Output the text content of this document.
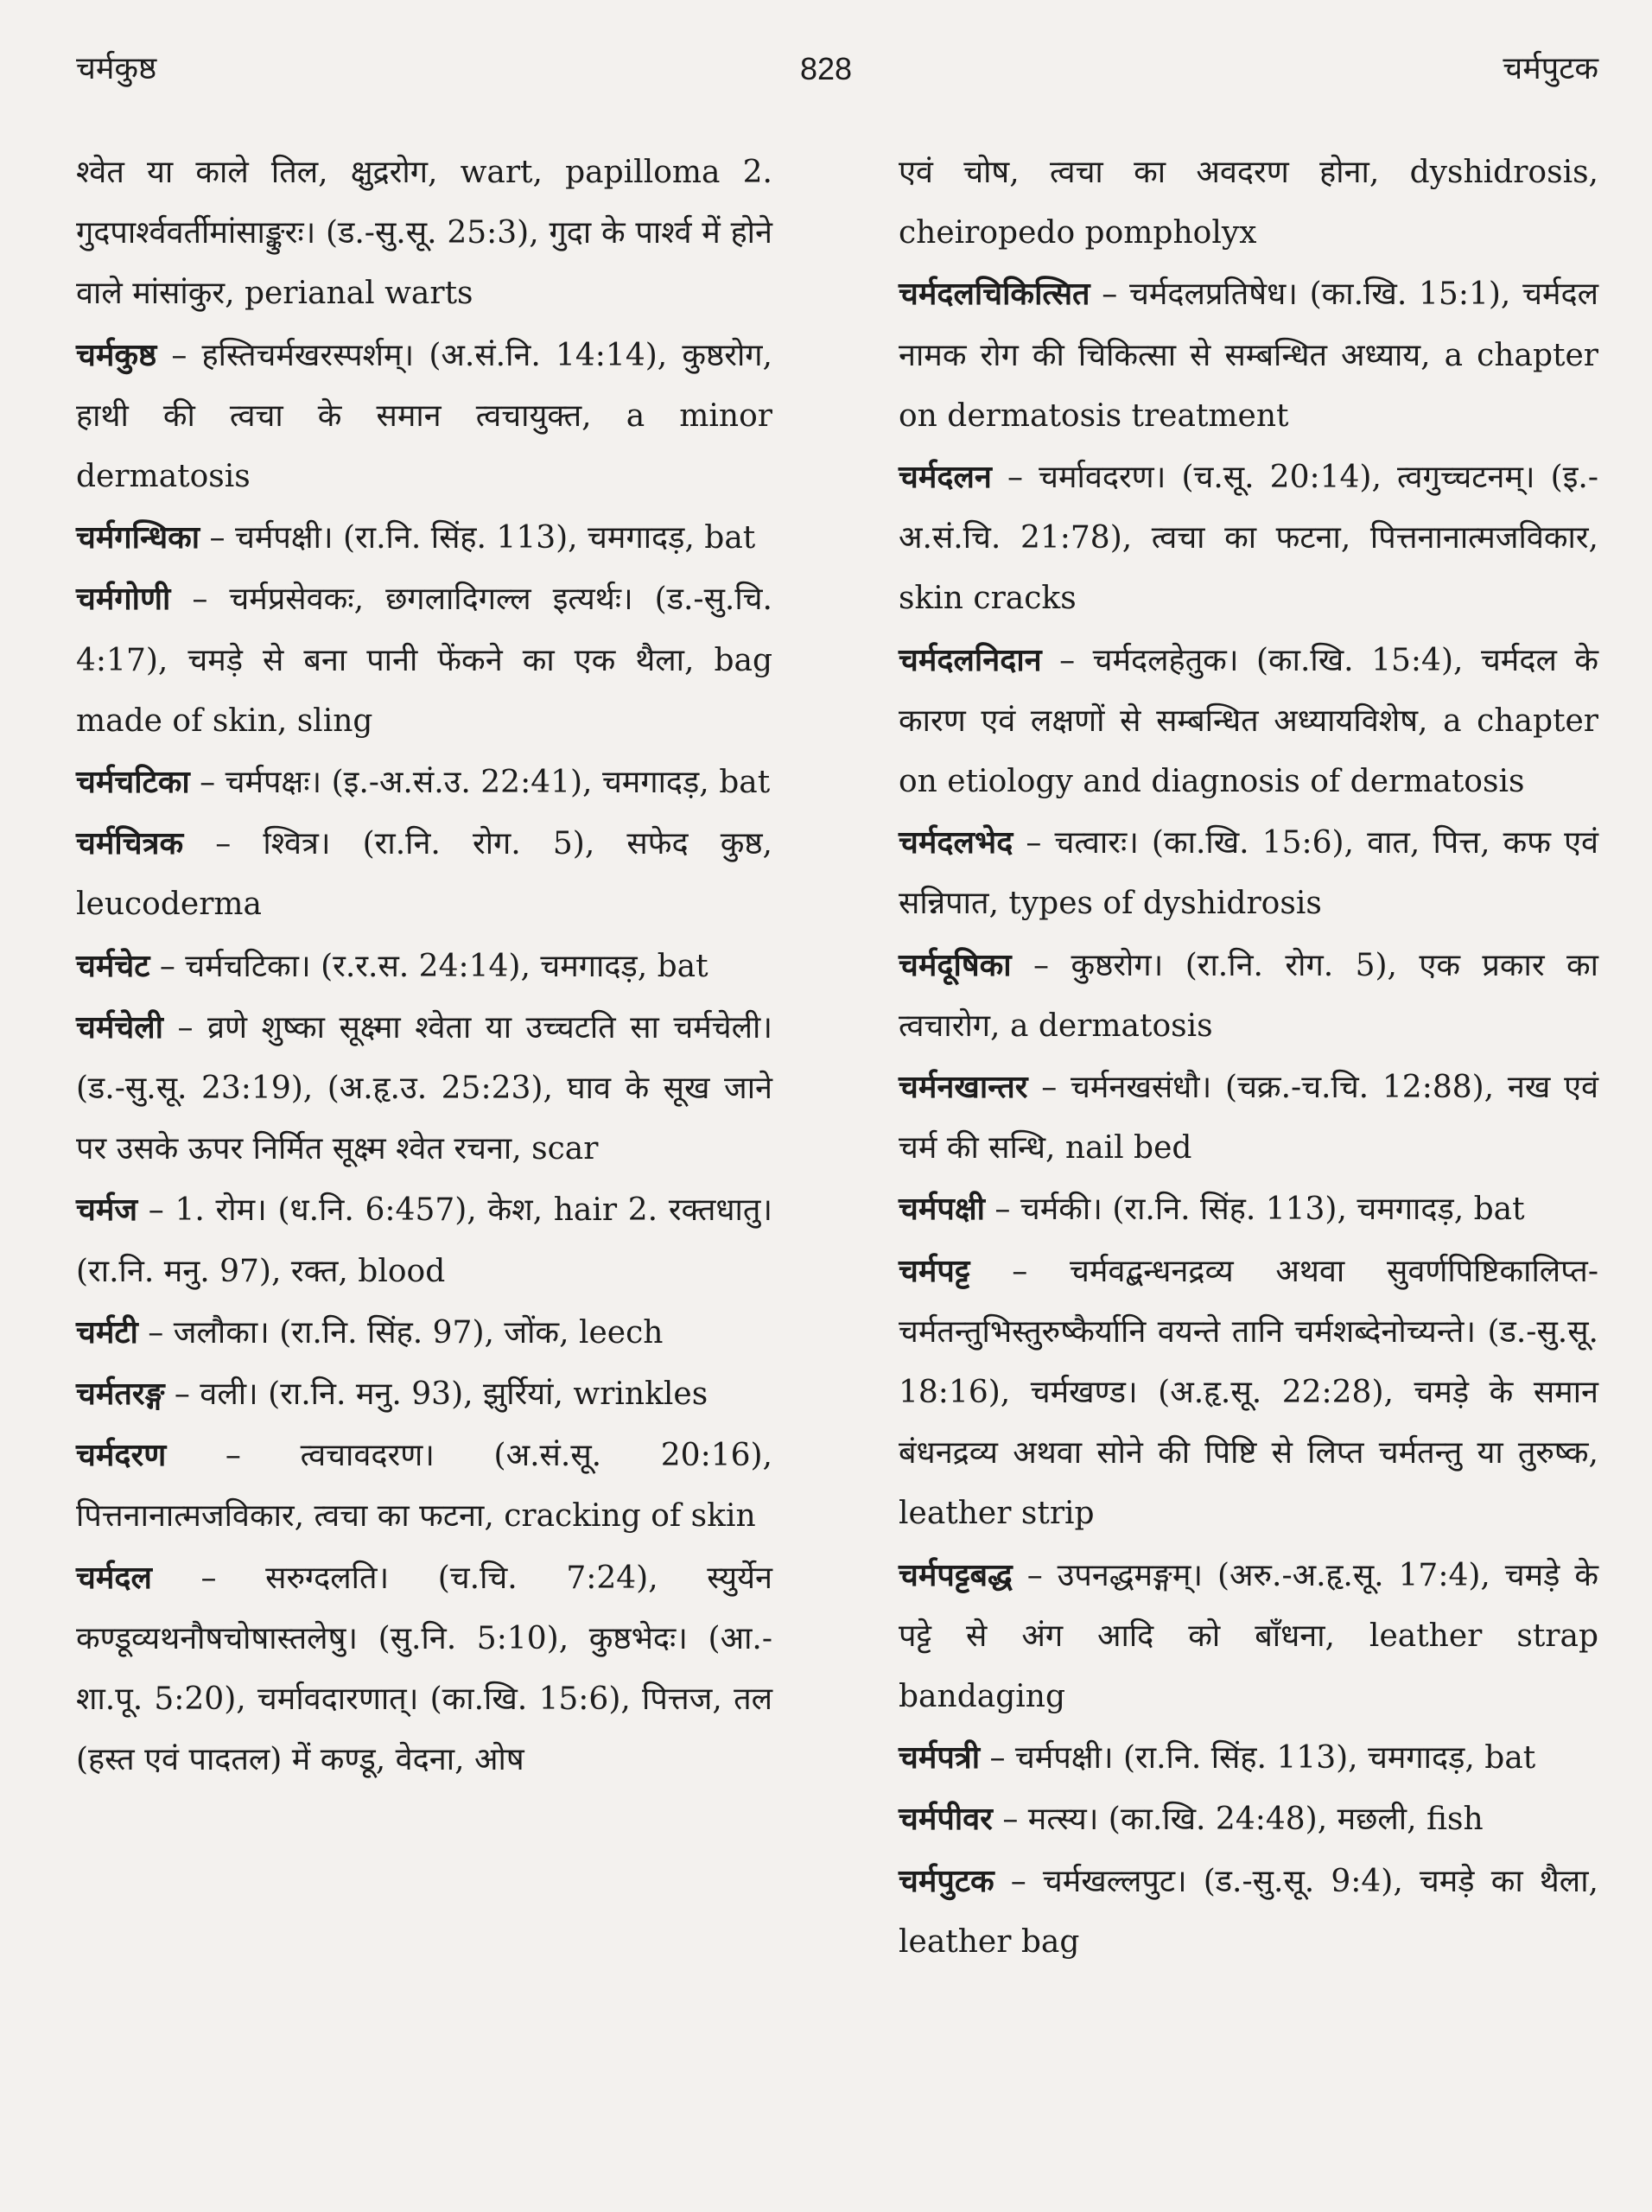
चर्मकुष्ठ	828	चर्मपुटक

श्वेत या काले तिल, क्षुद्ररोग, wart, papilloma 2. गुदपार्श्ववर्तीमांसाङ्कुरः। (ड.-सु.सू. 25:3), गुदा के पार्श्व में होने वाले मांसांकुर, perianal warts

चर्मकुष्ठ – हस्तिचर्मखरस्पर्शम्। (अ.सं.नि. 14:14), कुष्ठरोग, हाथी की त्वचा के समान त्वचायुक्त, a minor dermatosis

चर्मगन्धिका – चर्मपक्षी। (रा.नि. सिंह. 113), चमगादड़, bat

चर्मगोणी – चर्मप्रसेवकः, छगलादिगल्ल इत्यर्थः। (ड.-सु.चि. 4:17), चमड़े से बना पानी फेंकने का एक थैला, bag made of skin, sling

चर्मचटिका – चर्मपक्षः। (इ.-अ.सं.उ. 22:41), चमगादड़, bat

चर्मचित्रक – श्वित्र। (रा.नि. रोग. 5), सफेद कुष्ठ, leucoderma

चर्मचेट – चर्मचटिका। (र.र.स. 24:14), चमगादड़, bat

चर्मचेली – व्रणे शुष्का सूक्ष्मा श्वेता या उच्चटति सा चर्मचेली। (ड.-सु.सू. 23:19), (अ.हृ.उ. 25:23), घाव के सूख जाने पर उसके ऊपर निर्मित सूक्ष्म श्वेत रचना, scar

चर्मज – 1. रोम। (ध.नि. 6:457), केश, hair 2. रक्तधातु। (रा.नि. मनु. 97), रक्त, blood

चर्मटी – जलौका। (रा.नि. सिंह. 97), जोंक, leech

चर्मतरङ्ग – वली। (रा.नि. मनु. 93), झुर्रियां, wrinkles

चर्मदरण – त्वचावदरण। (अ.सं.सू. 20:16), पित्तनानात्मजविकार, त्वचा का फटना, cracking of skin

चर्मदल – सरुग्दलति। (च.चि. 7:24), स्युर्येन कण्डूव्यथनौषचोषास्तलेषु। (सु.नि. 5:10), कुष्ठभेदः। (आ.-शा.पू. 5:20), चर्मावदारणात्। (का.खि. 15:6), पित्तज, तल (हस्त एवं पादतल) में कण्डू, वेदना, ओष

एवं चोष, त्वचा का अवदरण होना, dyshidrosis, cheiropedo pompholyx

चर्मदलचिकित्सित – चर्मदलप्रतिषेध। (का.खि. 15:1), चर्मदल नामक रोग की चिकित्सा से सम्बन्धित अध्याय, a chapter on dermatosis treatment

चर्मदलन – चर्मावदरण। (च.सू. 20:14), त्वगुच्चटनम्। (इ.-अ.सं.चि. 21:78), त्वचा का फटना, पित्तनानात्मजविकार, skin cracks

चर्मदलनिदान – चर्मदलहेतुक। (का.खि. 15:4), चर्मदल के कारण एवं लक्षणों से सम्बन्धित अध्यायविशेष, a chapter on etiology and diagnosis of dermatosis

चर्मदलभेद – चत्वारः। (का.खि. 15:6), वात, पित्त, कफ एवं सन्निपात, types of dyshidrosis

चर्मदूषिका – कुष्ठरोग। (रा.नि. रोग. 5), एक प्रकार का त्वचारोग, a dermatosis

चर्मनखान्तर – चर्मनखसंधौ। (चक्र.-च.चि. 12:88), नख एवं चर्म की सन्धि, nail bed

चर्मपक्षी – चर्मकी। (रा.नि. सिंह. 113), चमगादड़, bat

चर्मपट्ट – चर्मवद्बन्धनद्रव्य अथवा सुवर्णपिष्टिकालिप्त-चर्मतन्तुभिस्तुरुष्कैर्यानि वयन्ते तानि चर्मशब्देनोच्यन्ते। (ड.-सु.सू. 18:16), चर्मखण्ड। (अ.हृ.सू. 22:28), चमड़े के समान बंधनद्रव्य अथवा सोने की पिष्टि से लिप्त चर्मतन्तु या तुरुष्क, leather strip

चर्मपट्टबद्ध – उपनद्धमङ्गम्। (अरु.-अ.हृ.सू. 17:4), चमड़े के पट्टे से अंग आदि को बाँधना, leather strap bandaging

चर्मपत्री – चर्मपक्षी। (रा.नि. सिंह. 113), चमगादड़, bat

चर्मपीवर – मत्स्य। (का.खि. 24:48), मछली, fish

चर्मपुटक – चर्मखल्लपुट। (ड.-सु.सू. 9:4), चमड़े का थैला, leather bag
